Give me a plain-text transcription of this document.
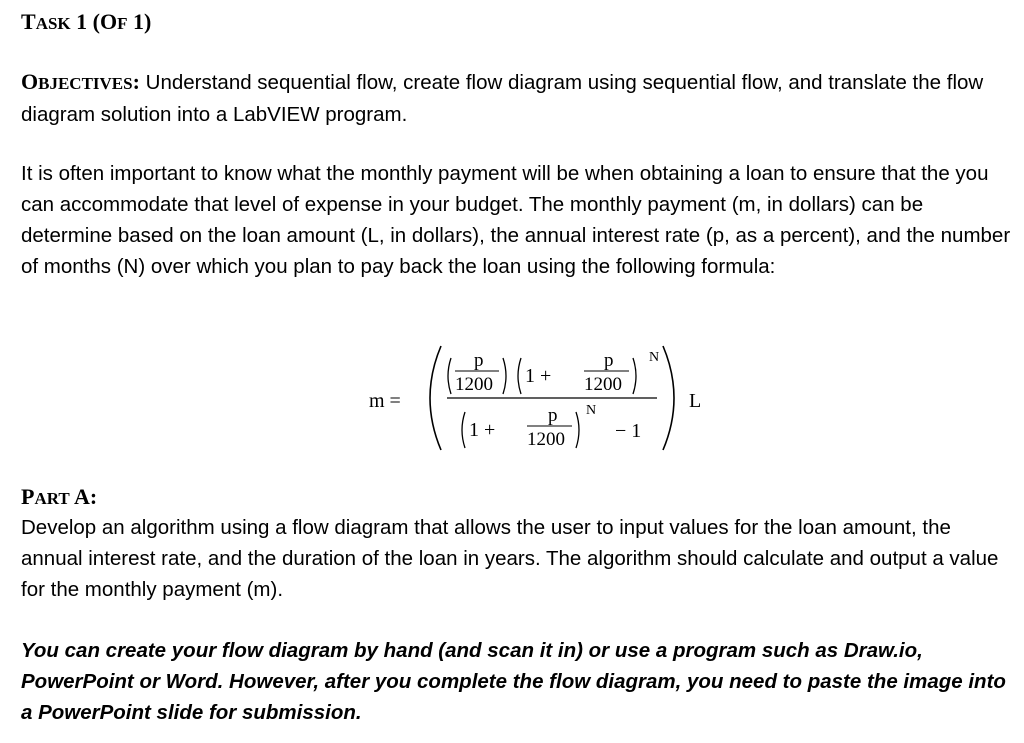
TASK 1 (OF 1)
OBJECTIVES: Understand sequential flow, create flow diagram using sequential flow, and translate the flow diagram solution into a LabVIEW program.
It is often important to know what the monthly payment will be when obtaining a loan to ensure that the you can accommodate that level of expense in your budget. The monthly payment (m, in dollars) can be determine based on the loan amount (L, in dollars), the annual interest rate (p, as a percent), and the number of months (N) over which you plan to pay back the loan using the following formula:
m =
p
1200 1 +
p
1200
N
1 +
p
1200
N
− 1
L
PART A:
Develop an algorithm using a flow diagram that allows the user to input values for the loan amount, the annual interest rate, and the duration of the loan in years. The algorithm should calculate and output a value for the monthly payment (m).
You can create your flow diagram by hand (and scan it in) or use a program such as Draw.io, PowerPoint or Word. However, after you complete the flow diagram, you need to paste the image into a PowerPoint slide for submission.
